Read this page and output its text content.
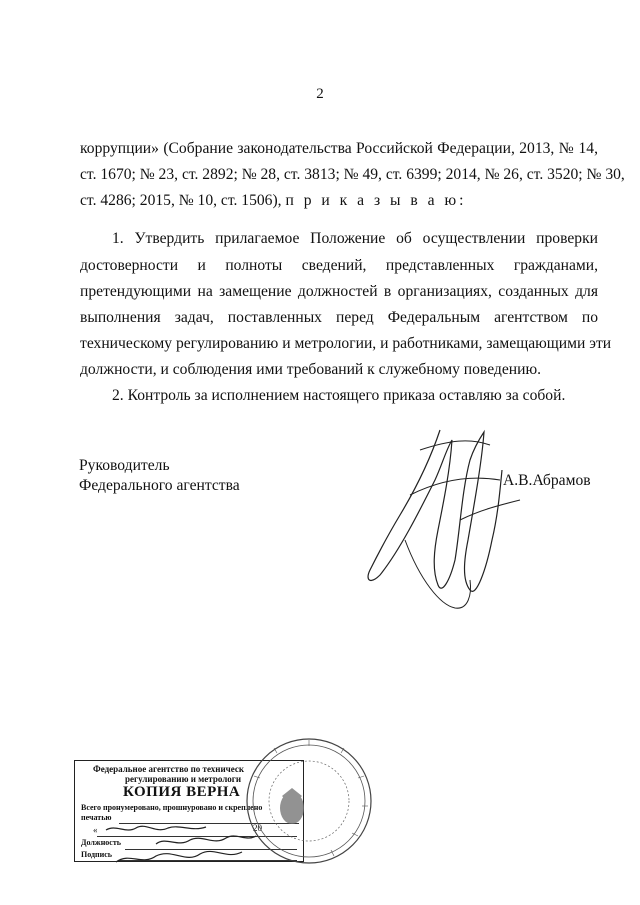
2
коррупции» (Собрание законодательства Российской Федерации, 2013, № 14,
ст. 1670; № 23, ст. 2892; № 28, ст. 3813; № 49, ст. 6399; 2014, № 26, ст. 3520; № 30,
ст. 4286; 2015, № 10, ст. 1506), п р и к а з ы в а ю:
1. Утвердить прилагаемое Положение об осуществлении проверки
достоверности и полноты сведений, представленных гражданами,
претендующими на замещение должностей в организациях, созданных для
выполнения задач, поставленных перед Федеральным агентством по
техническому регулированию и метрологии, и работниками, замещающими эти
должности, и соблюдения ими требований к служебному поведению.
2. Контроль за исполнением настоящего приказа оставляю за собой.
Руководитель
Федерального агентства	А.В.Абрамов
Федеральное агентство по техническ
регулированию и метрологи
КОПИЯ ВЕРНА
Всего пронумеровано, прошнуровано и скреплено
печатью
«	20
Должность
Подпись
